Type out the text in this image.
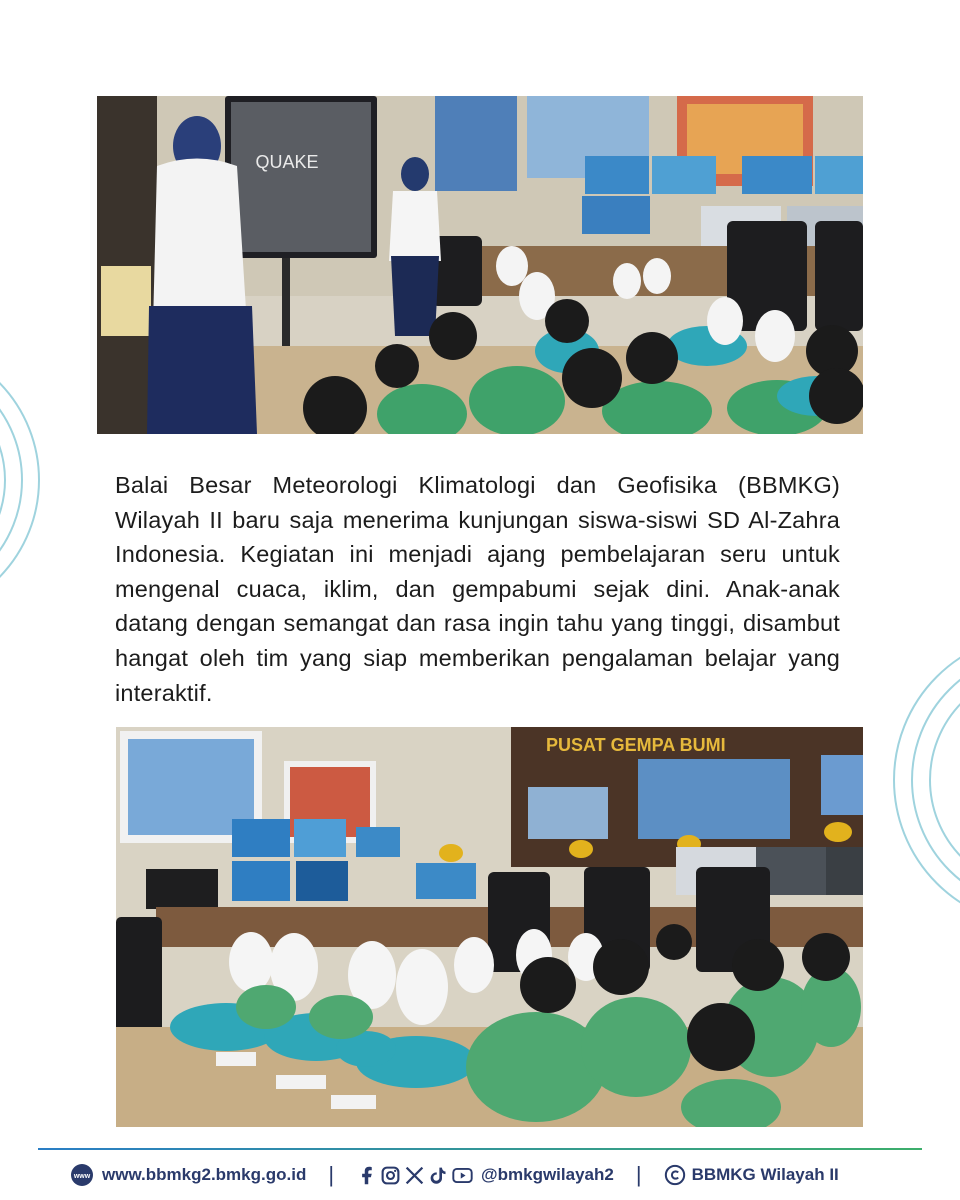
QUAKE
Balai Besar Meteorologi Klimatologi dan Geofisika (BBMKG) Wilayah II baru saja menerima kunjungan siswa-siswi SD Al-Zahra Indonesia. Kegiatan ini menjadi ajang pembelajaran seru untuk mengenal cuaca, iklim, dan gempabumi sejak dini. Anak-anak datang dengan semangat dan rasa ingin tahu yang tinggi, disambut hangat oleh tim yang siap memberikan pengalaman belajar yang interaktif.
PUSAT GEMPA BUMI
www www.bbmkg2.bmkg.go.id |	@bmkgwilayah2 |	BBMKG Wilayah II
